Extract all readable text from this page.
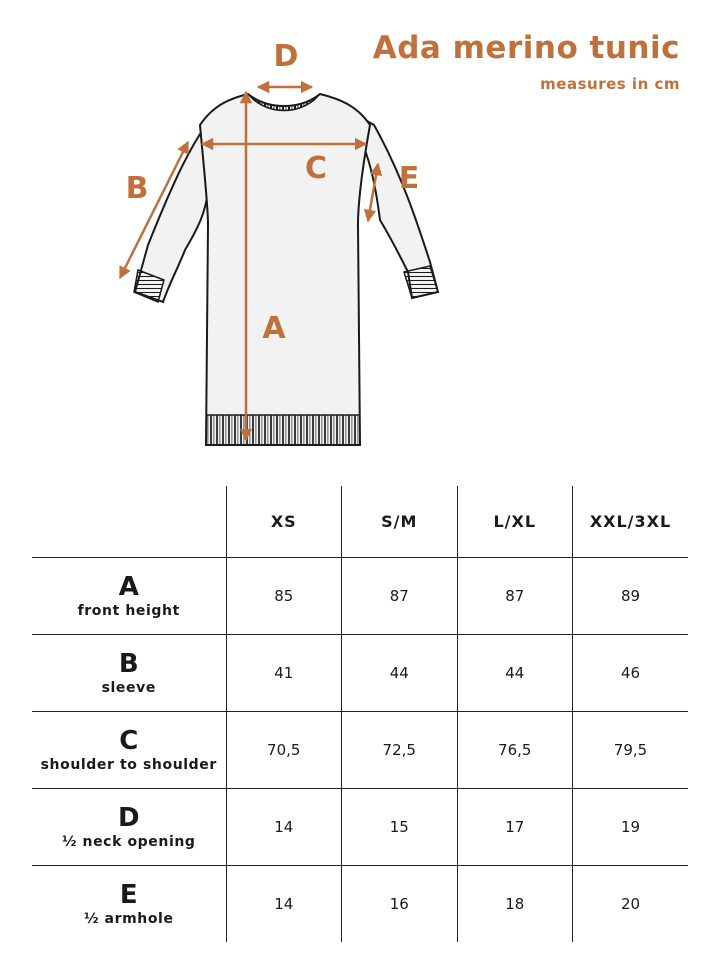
Ada merino tunic
measures in cm
D
C
B	E
A
	XS	S/M	L/XL	XXL/3XL

A
front height	85	87	87	89

B
sleeve	41	44	44	46

C
shoulder to shoulder	70,5	72,5	76,5	79,5

D
½ neck opening	14	15	17	19

E
½ armhole	14	16	18	20
